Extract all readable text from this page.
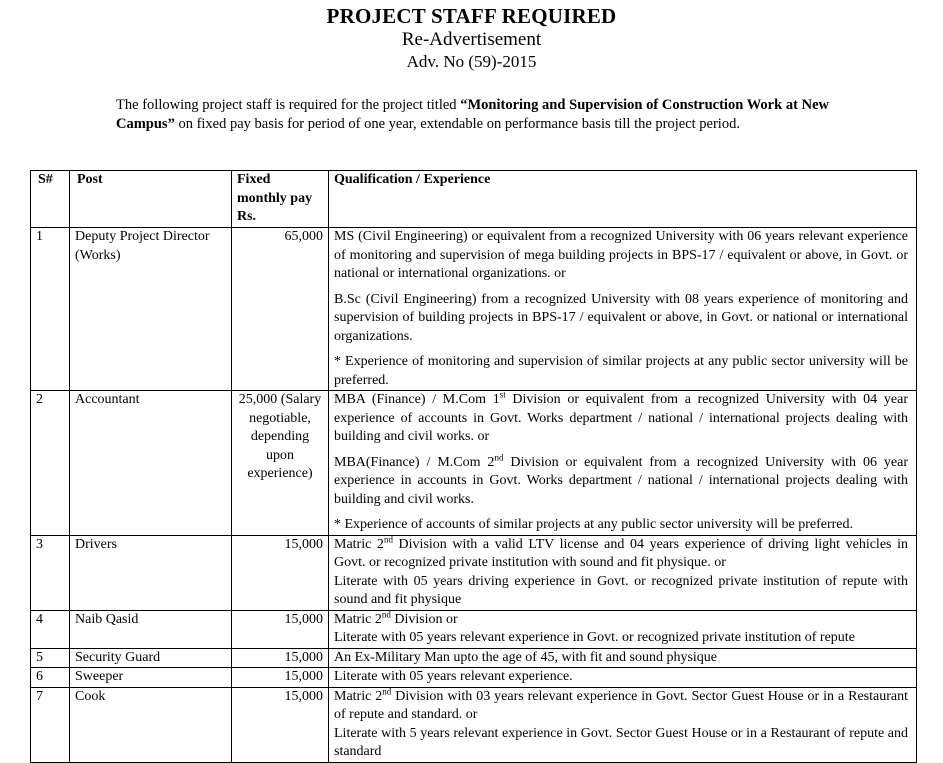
PROJECT STAFF REQUIRED
Re-Advertisement
Adv. No (59)-2015
The following project staff is required for the project titled “Monitoring and Supervision of Construction Work at New Campus” on fixed pay basis for period of one year, extendable on performance basis till the project period.
S#	Post	Fixed monthly pay Rs.	Qualification / Experience
1	Deputy Project Director (Works)	65,000	MS (Civil Engineering) or equivalent from a recognized University with 06 years relevant experience of monitoring and supervision of mega building projects in BPS-17 / equivalent or above, in Govt. or national or international organizations. or

B.Sc (Civil Engineering) from a recognized University with 08 years experience of monitoring and supervision of building projects in BPS-17 / equivalent or above, in Govt. or national or international organizations.

* Experience of monitoring and supervision of similar projects at any public sector university will be preferred.

2	Accountant	25,000 (Salary negotiable, depending upon experience)	MBA (Finance) / M.Com 1st Division or equivalent from a recognized University with 04 year experience of accounts in Govt. Works department / national / international projects dealing with building and civil works. or

MBA(Finance) / M.Com 2nd Division or equivalent from a recognized University with 06 year experience in accounts in Govt. Works department / national / international projects dealing with building and civil works.

* Experience of accounts of similar projects at any public sector university will be preferred.

3	Drivers	15,000	Matric 2nd Division with a valid LTV license and 04 years experience of driving light vehicles in Govt. or recognized private institution with sound and fit physique. or

Literate with 05 years driving experience in Govt. or recognized private institution of repute with sound and fit physique

4	Naib Qasid	15,000	Matric 2nd Division or

Literate with 05 years relevant experience in Govt. or recognized private institution of repute

5	Security Guard	15,000	An Ex-Military Man upto the age of 45, with fit and sound physique

6	Sweeper	15,000	Literate with 05 years relevant experience.

7	Cook	15,000	Matric 2nd Division with 03 years relevant experience in Govt. Sector Guest House or in a Restaurant of repute and standard. or

Literate with 5 years relevant experience in Govt. Sector Guest House or in a Restaurant of repute and standard
